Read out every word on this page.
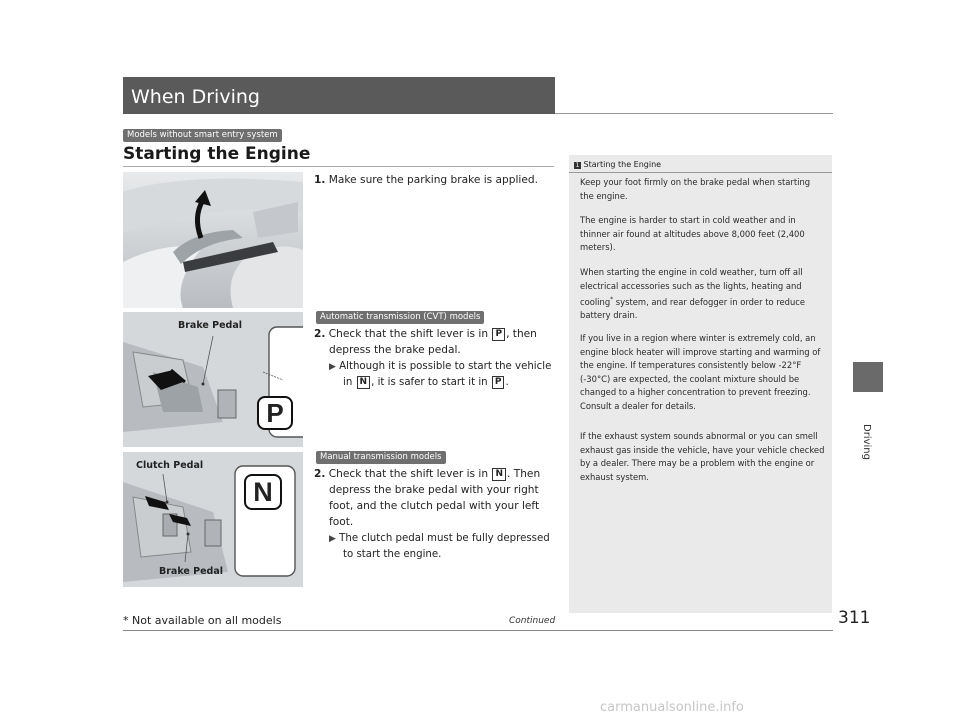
When Driving
Models without smart entry system
Starting the Engine
1. Make sure the parking brake is applied.
Automatic transmission (CVT) models
Brake Pedal
P
2. Check that the shift lever is in P , then
depress the brake pedal.
▶ Although it is possible to start the vehicle
in N , it is safer to start it in P .
Manual transmission models
Clutch Pedal
Brake Pedal
N
2. Check that the shift lever is in N . Then
depress the brake pedal with your right
foot, and the clutch pedal with your left
foot.
▶ The clutch pedal must be fully depressed
to start the engine.
1 Starting the Engine
Keep your foot firmly on the brake pedal when starting the engine.
The engine is harder to start in cold weather and in thinner air found at altitudes above 8,000 feet (2,400 meters).
When starting the engine in cold weather, turn off all electrical accessories such as the lights, heating and cooling* system, and rear defogger in order to reduce battery drain.
If you live in a region where winter is extremely cold, an engine block heater will improve starting and warming of the engine. If temperatures consistently below -22°F (-30°C) are expected, the coolant mixture should be changed to a higher concentration to prevent freezing. Consult a dealer for details.
If the exhaust system sounds abnormal or you can smell exhaust gas inside the vehicle, have your vehicle checked by a dealer. There may be a problem with the engine or exhaust system.
Driving
311
Continued
* Not available on all models
carmanualsonline.info
